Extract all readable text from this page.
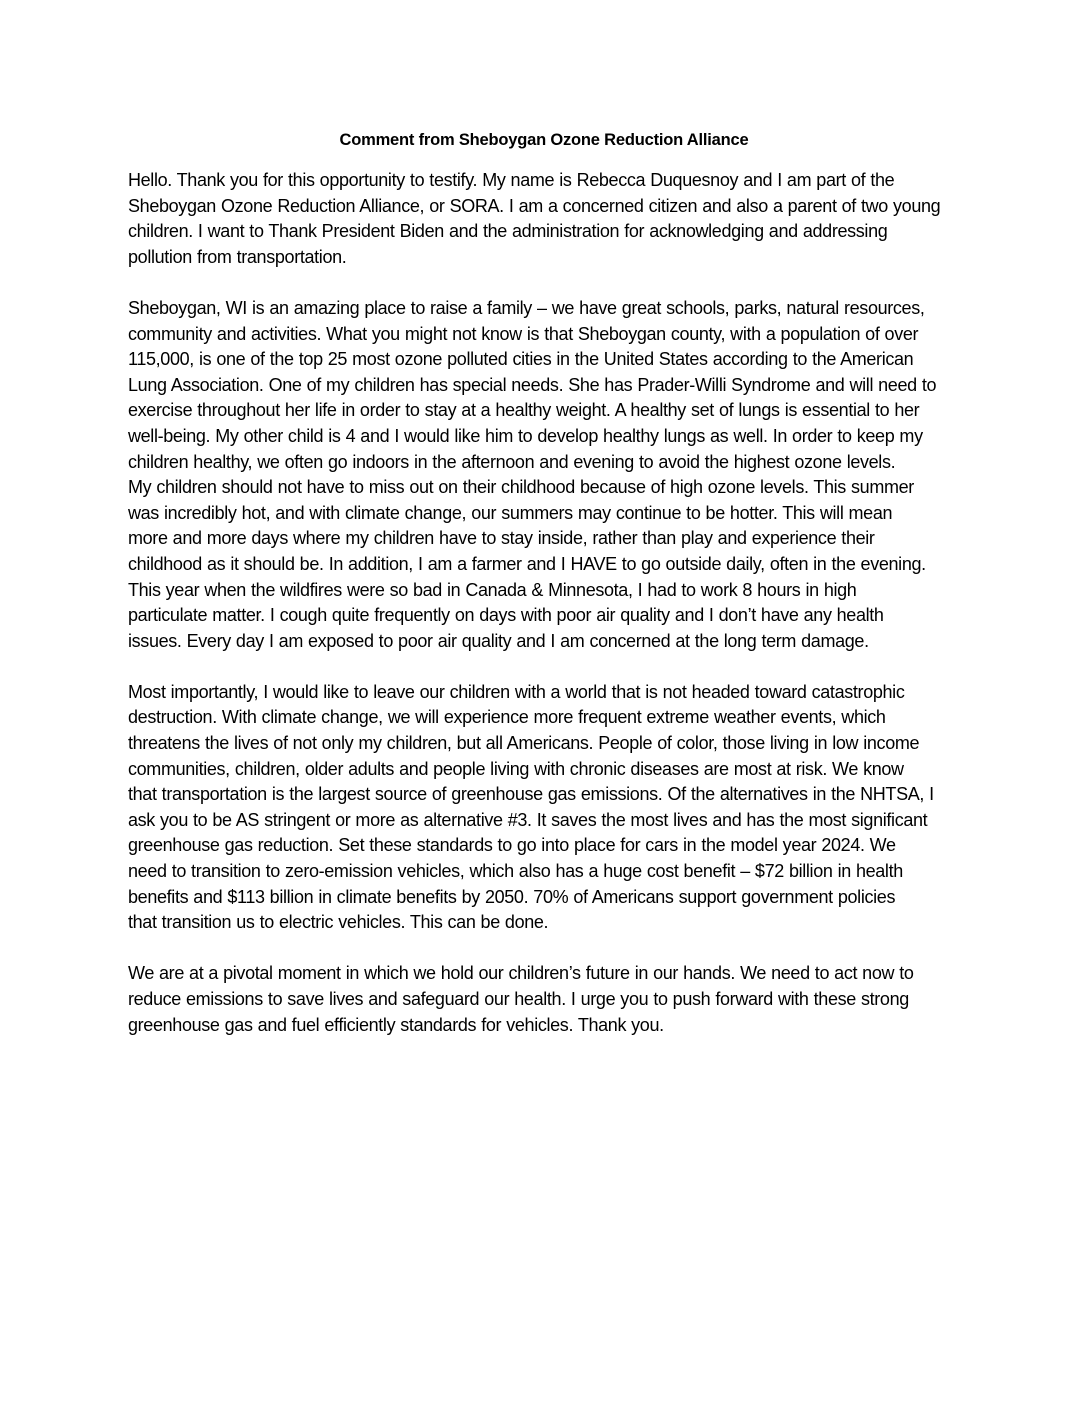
Comment from Sheboygan Ozone Reduction Alliance

Hello. Thank you for this opportunity to testify. My name is Rebecca Duquesnoy and I am part of the
Sheboygan Ozone Reduction Alliance, or SORA. I am a concerned citizen and also a parent of two young
children. I want to Thank President Biden and the administration for acknowledging and addressing
pollution from transportation.

Sheboygan, WI is an amazing place to raise a family – we have great schools, parks, natural resources,
community and activities. What you might not know is that Sheboygan county, with a population of over
115,000, is one of the top 25 most ozone polluted cities in the United States according to the American
Lung Association. One of my children has special needs. She has Prader-Willi Syndrome and will need to
exercise throughout her life in order to stay at a healthy weight. A healthy set of lungs is essential to her
well-being. My other child is 4 and I would like him to develop healthy lungs as well. In order to keep my
children healthy, we often go indoors in the afternoon and evening to avoid the highest ozone levels.
My children should not have to miss out on their childhood because of high ozone levels. This summer
was incredibly hot, and with climate change, our summers may continue to be hotter. This will mean
more and more days where my children have to stay inside, rather than play and experience their
childhood as it should be. In addition, I am a farmer and I HAVE to go outside daily, often in the evening.
This year when the wildfires were so bad in Canada & Minnesota, I had to work 8 hours in high
particulate matter. I cough quite frequently on days with poor air quality and I don’t have any health
issues. Every day I am exposed to poor air quality and I am concerned at the long term damage.

Most importantly, I would like to leave our children with a world that is not headed toward catastrophic
destruction. With climate change, we will experience more frequent extreme weather events, which
threatens the lives of not only my children, but all Americans. People of color, those living in low income
communities, children, older adults and people living with chronic diseases are most at risk. We know
that transportation is the largest source of greenhouse gas emissions. Of the alternatives in the NHTSA, I
ask you to be AS stringent or more as alternative #3. It saves the most lives and has the most significant
greenhouse gas reduction. Set these standards to go into place for cars in the model year 2024. We
need to transition to zero-emission vehicles, which also has a huge cost benefit – $72 billion in health
benefits and $113 billion in climate benefits by 2050. 70% of Americans support government policies
that transition us to electric vehicles. This can be done.

We are at a pivotal moment in which we hold our children’s future in our hands. We need to act now to
reduce emissions to save lives and safeguard our health. I urge you to push forward with these strong
greenhouse gas and fuel efficiently standards for vehicles. Thank you.
